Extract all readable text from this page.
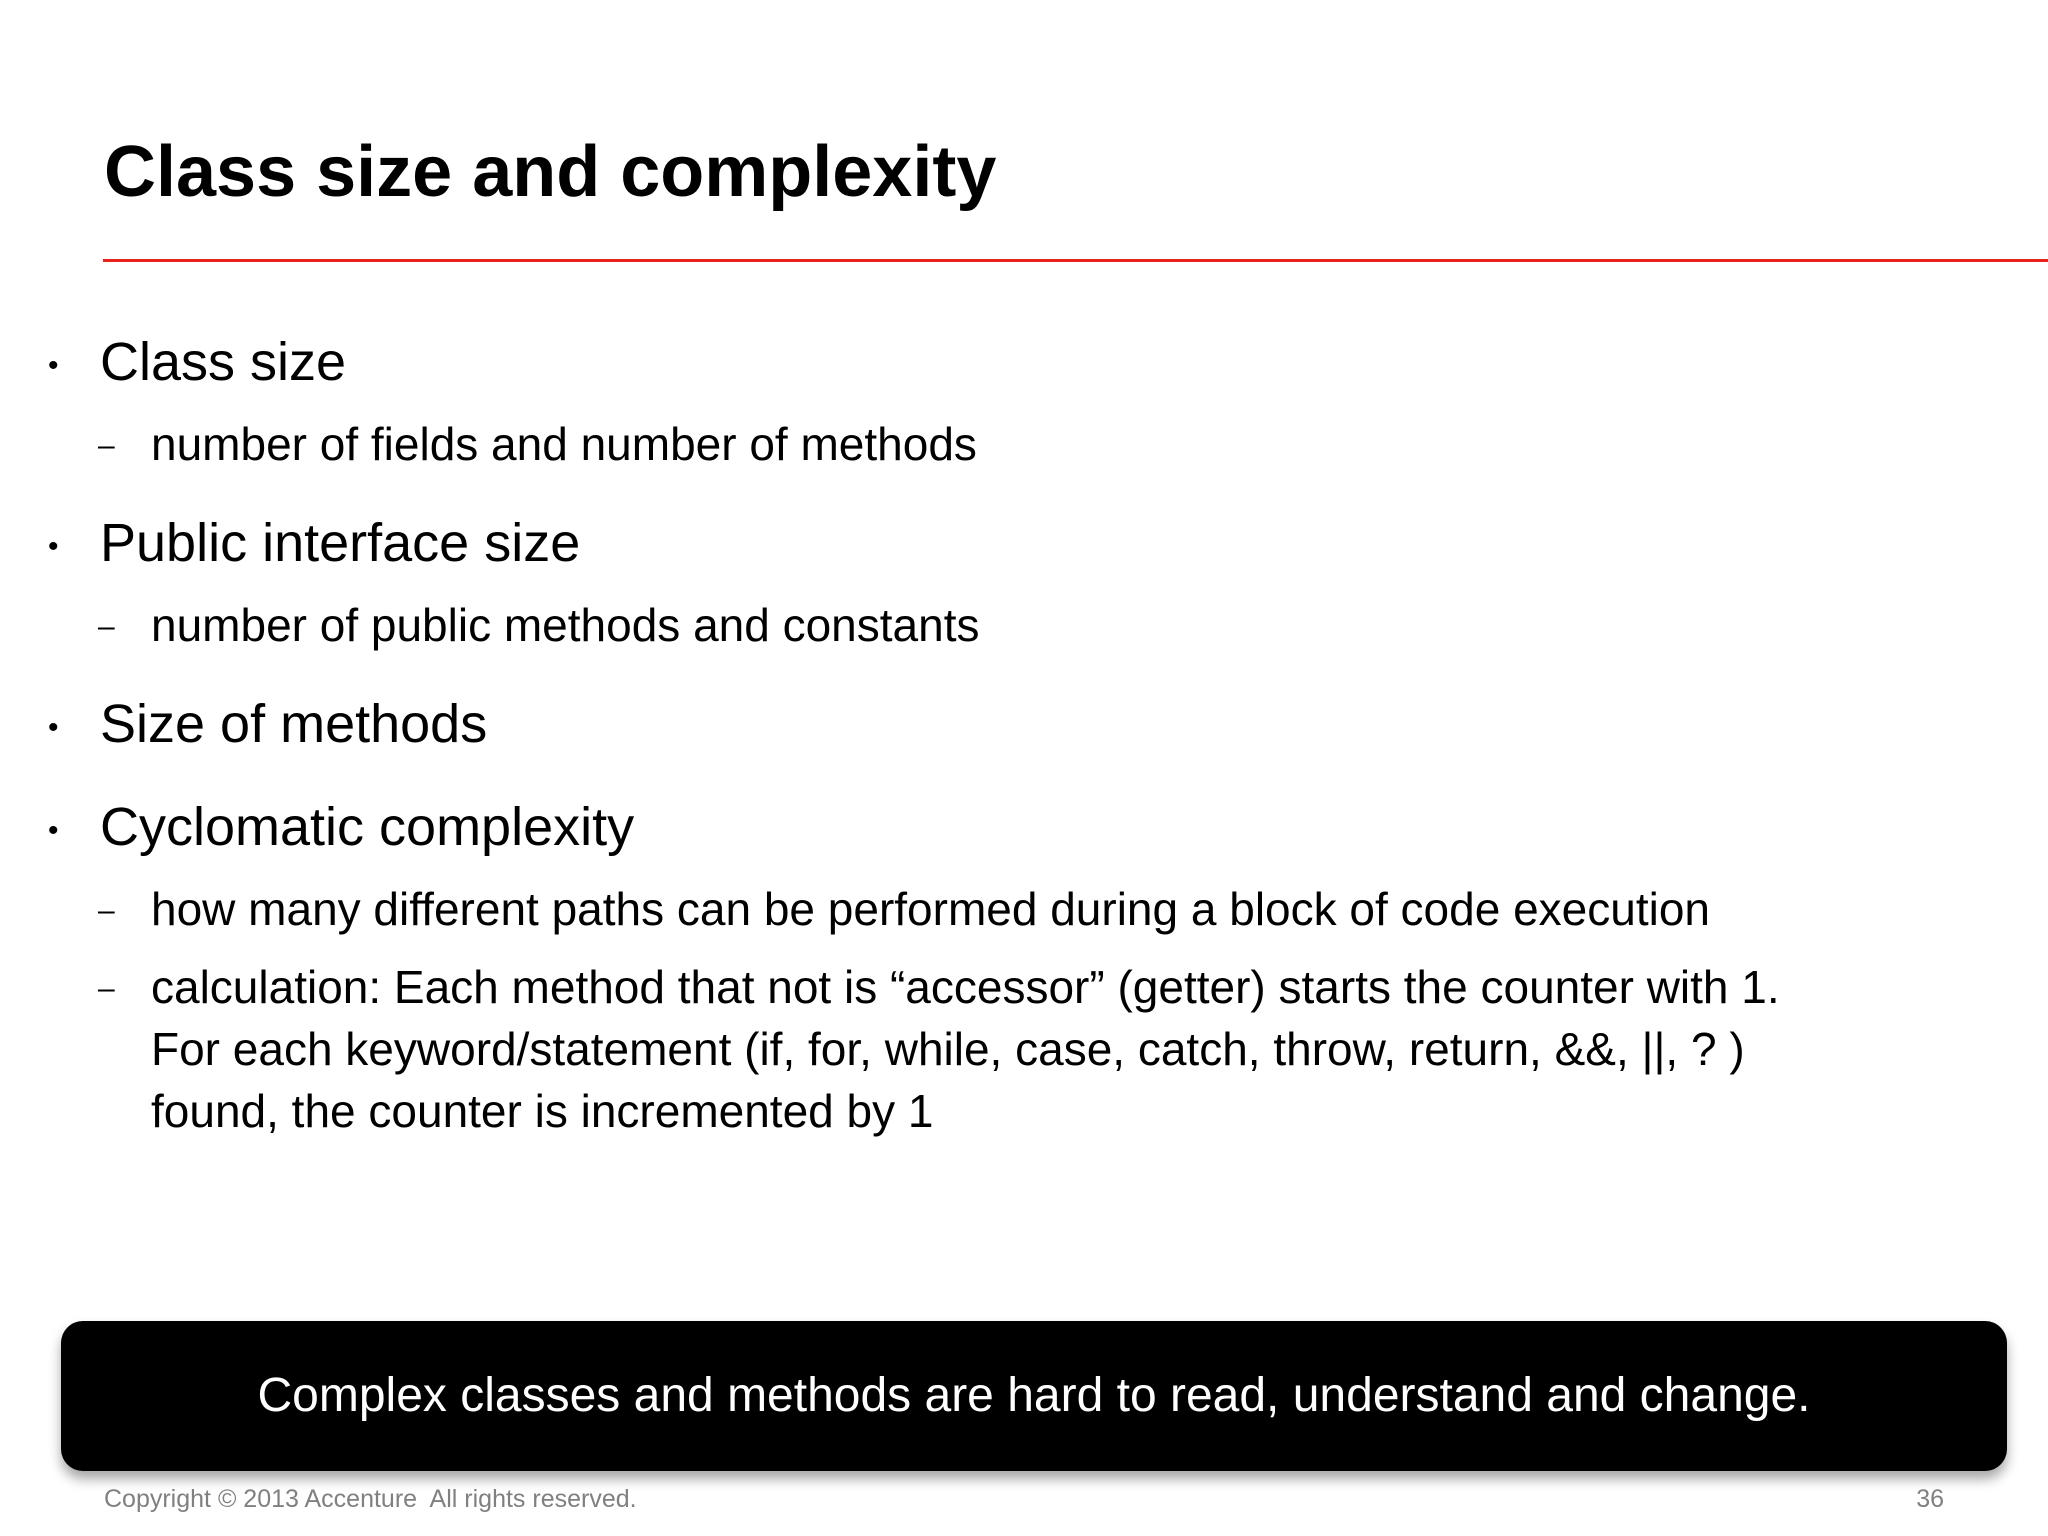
Class size and complexity
• Class size
– number of fields and number of methods
• Public interface size
– number of public methods and constants
• Size of methods
• Cyclomatic complexity
– how many different paths can be performed during a block of code execution
– calculation: Each method that not is “accessor” (getter) starts the counter with 1.
For each keyword/statement (if, for, while, case, catch, throw, return, &&, ||, ? )
found, the counter is incremented by 1
Complex classes and methods are hard to read, understand and change.
Copyright © 2013 Accenture  All rights reserved.	36
